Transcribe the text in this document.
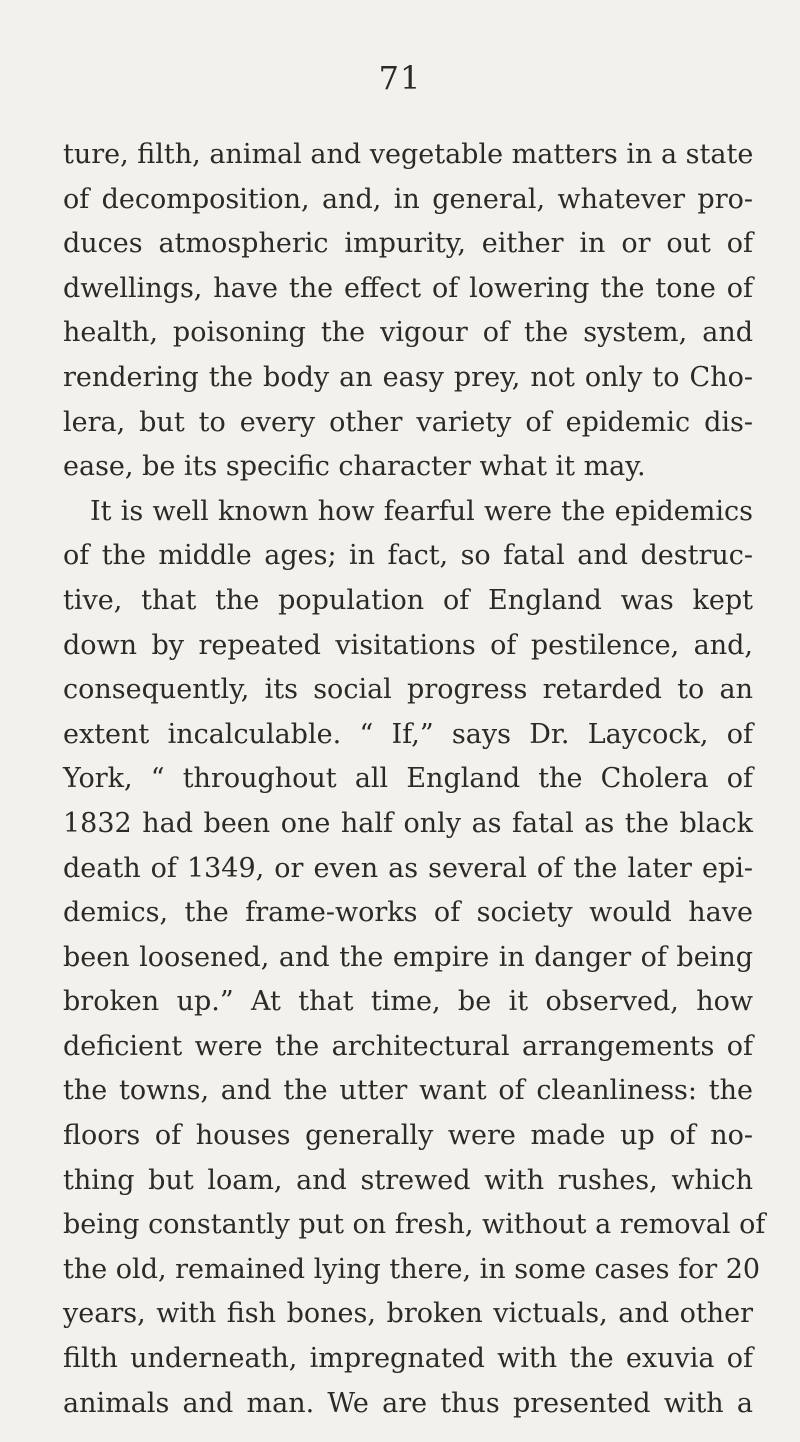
71
ture, filth, animal and vegetable matters in a state
of decomposition, and, in general, whatever pro-
duces atmospheric impurity, either in or out of
dwellings, have the effect of lowering the tone of
health, poisoning the vigour of the system, and
rendering the body an easy prey, not only to Cho-
lera, but to every other variety of epidemic dis-
ease, be its specific character what it may.
It is well known how fearful were the epidemics
of the middle ages; in fact, so fatal and destruc-
tive, that the population of England was kept
down by repeated visitations of pestilence, and,
consequently, its social progress retarded to an
extent incalculable. “ If,” says Dr. Laycock, of
York, “ throughout all England the Cholera of
1832 had been one half only as fatal as the black
death of 1349, or even as several of the later epi-
demics, the frame-works of society would have
been loosened, and the empire in danger of being
broken up.” At that time, be it observed, how
deficient were the architectural arrangements of
the towns, and the utter want of cleanliness: the
floors of houses generally were made up of no-
thing but loam, and strewed with rushes, which
being constantly put on fresh, without a removal of
the old, remained lying there, in some cases for 20
years, with fish bones, broken victuals, and other
filth underneath, impregnated with the exuvia of
animals and man. We are thus presented with a
